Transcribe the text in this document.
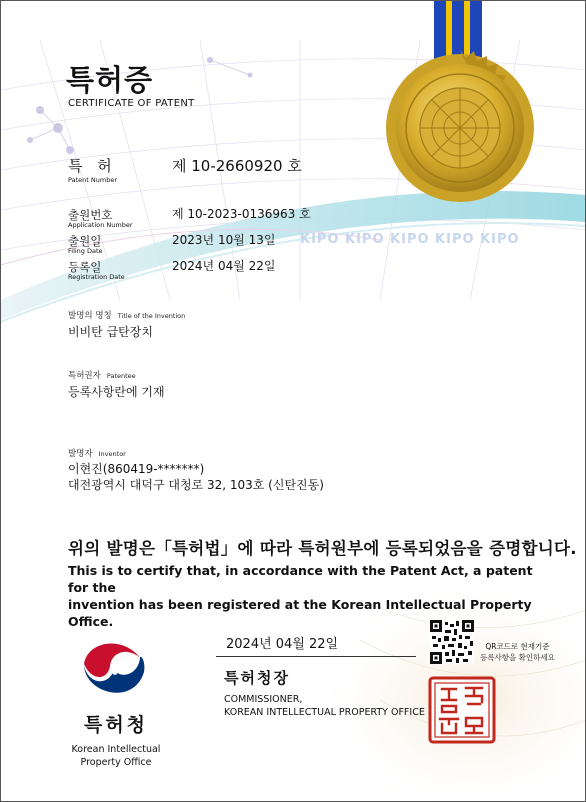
KIPO KIPO KIPO KIPO KIPO
특허증
CERTIFICATE OF PATENT
특 허
Patent Number
제 10-2660920 호
출원번호
Application Number
제 10-2023-0136963 호
출원일
Filing Date
2023년 10월 13일
등록일
Registration Date
2024년 04월 22일
발명의 명칭 Title of the Invention
비비탄 급탄장치
특허권자 Patentee
등록사항란에 기재
발명자 Inventor
이현진(860419-*******)
대전광역시 대덕구 대청로 32, 103호 (신탄진동)
위의 발명은「특허법」에 따라 특허원부에 등록되었음을 증명합니다.
This is to certify that, in accordance with the Patent Act, a patent for the
invention has been registered at the Korean Intellectual Property Office.
2024년 04월 22일
특허청장
COMMISSIONER,
KOREAN INTELLECTUAL PROPERTY OFFICE
QR코드로 현재기준
등록사항을 확인하세요
특허청
Korean Intellectual
Property Office
